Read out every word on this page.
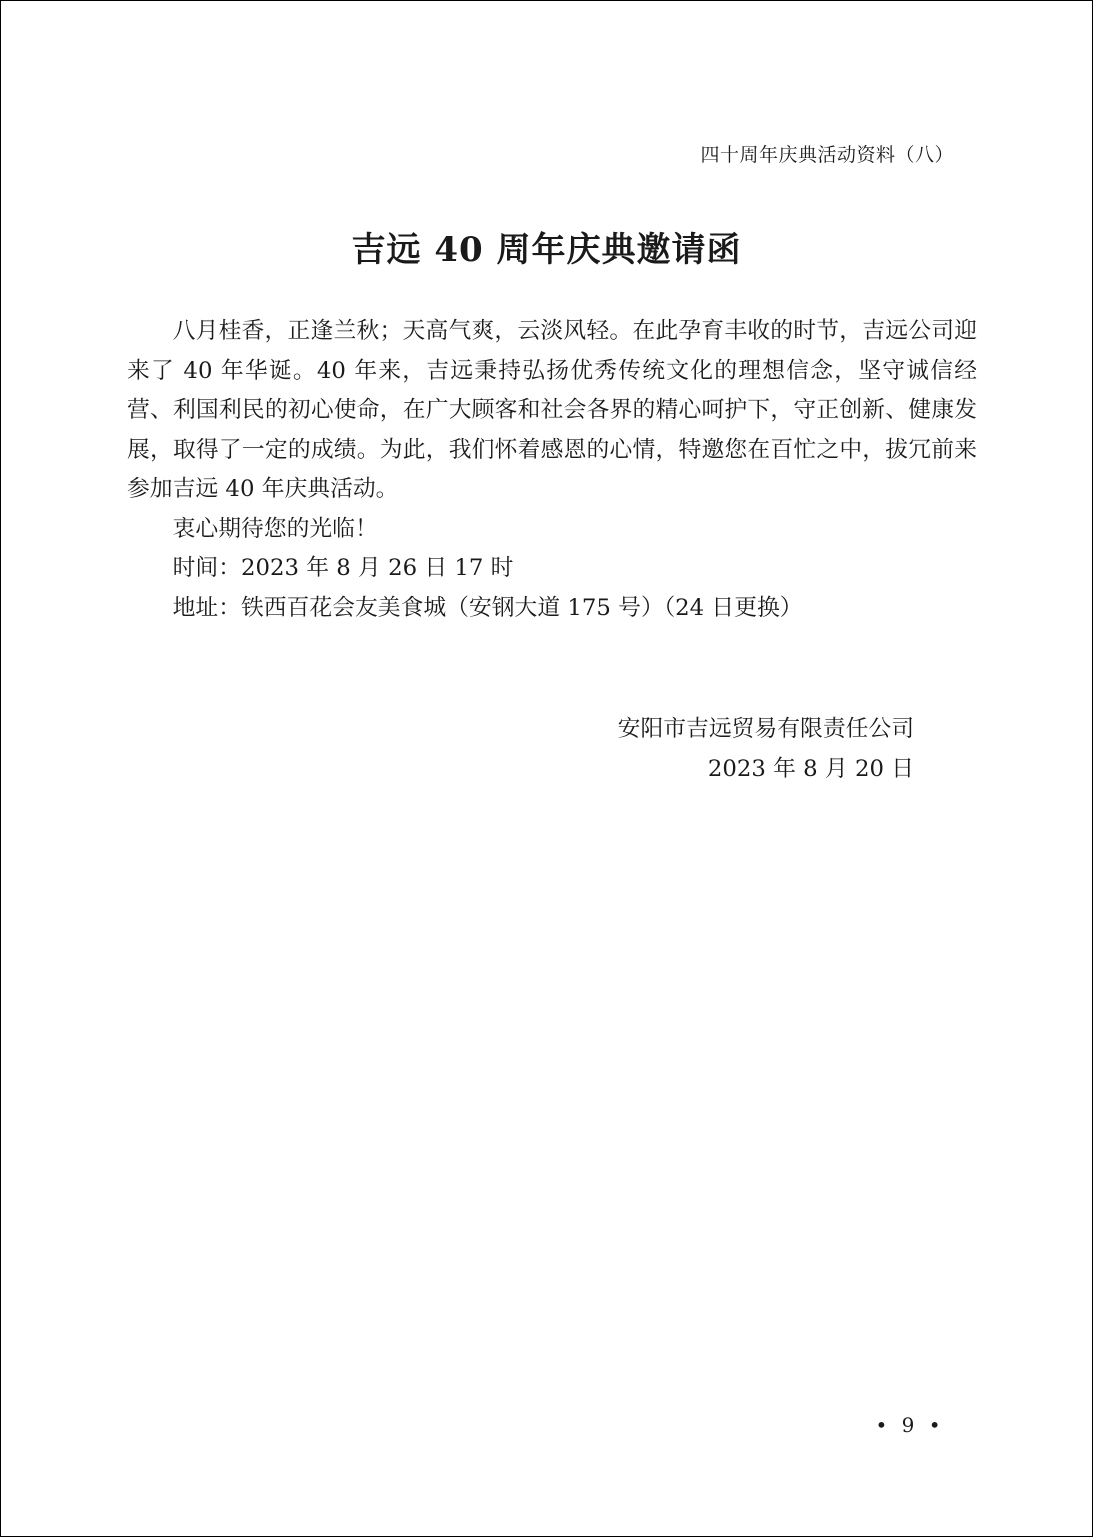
四十周年庆典活动资料（八）
吉远 40 周年庆典邀请函

八月桂香，正逢兰秋；天高气爽，云淡风轻。在此孕育丰收的时节，吉远公司迎来了 40 年华诞。40 年来，吉远秉持弘扬优秀传统文化的理想信念，坚守诚信经营、利国利民的初心使命，在广大顾客和社会各界的精心呵护下，守正创新、健康发展，取得了一定的成绩。为此，我们怀着感恩的心情，特邀您在百忙之中，拔冗前来参加吉远 40 年庆典活动。

衷心期待您的光临！

时间：2023 年 8 月 26 日 17 时

地址：铁西百花会友美食城（安钢大道 175 号）（24 日更换）

安阳市吉远贸易有限责任公司

2023 年 8 月 20 日

• 9 •
